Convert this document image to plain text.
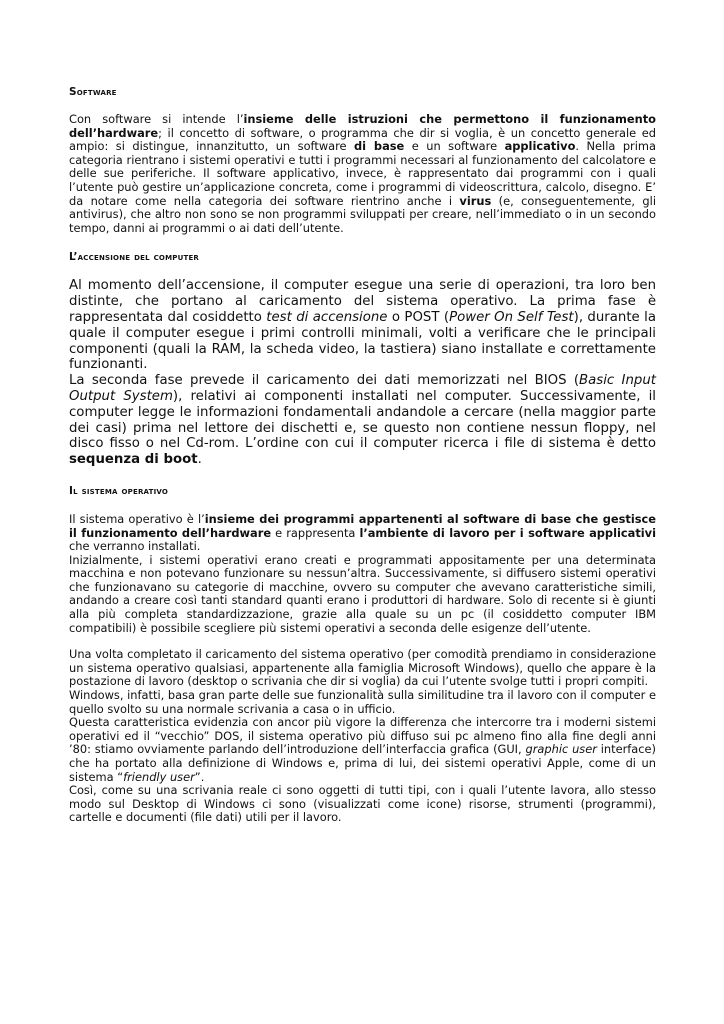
Software

Con software si intende l’insieme delle istruzioni che permettono il funzionamento dell’hardware; il concetto di software, o programma che dir si voglia, è un concetto generale ed ampio: si distingue, innanzitutto, un software di base e un software applicativo. Nella prima categoria rientrano i sistemi operativi e tutti i programmi necessari al funzionamento del calcolatore e delle sue periferiche. Il software applicativo, invece, è rappresentato dai programmi con i quali l’utente può gestire un’applicazione concreta, come i programmi di videoscrittura, calcolo, disegno. E’ da notare come nella categoria dei software rientrino anche i virus (e, conseguentemente, gli antivirus), che altro non sono se non programmi sviluppati per creare, nell’immediato o in un secondo tempo, danni ai programmi o ai dati dell’utente.

L’accensione del computer

Al momento dell’accensione, il computer esegue una serie di operazioni, tra loro ben distinte, che portano al caricamento del sistema operativo. La prima fase è rappresentata dal cosiddetto test di accensione o POST (Power On Self Test), durante la quale il computer esegue i primi controlli minimali, volti a verificare che le principali componenti (quali la RAM, la scheda video, la tastiera) siano installate e correttamente funzionanti.

La seconda fase prevede il caricamento dei dati memorizzati nel BIOS (Basic Input Output System), relativi ai componenti installati nel computer. Successivamente, il computer legge le informazioni fondamentali andandole a cercare (nella maggior parte dei casi) prima nel lettore dei dischetti e, se questo non contiene nessun floppy, nel disco fisso o nel Cd-rom. L’ordine con cui il computer ricerca i file di sistema è detto sequenza di boot.

Il sistema operativo

Il sistema operativo è l’insieme dei programmi appartenenti al software di base che gestisce il funzionamento dell’hardware e rappresenta l’ambiente di lavoro per i software applicativi che verranno installati.

Inizialmente, i sistemi operativi erano creati e programmati appositamente per una determinata macchina e non potevano funzionare su nessun’altra. Successivamente, si diffusero sistemi operativi che funzionavano su categorie di macchine, ovvero su computer che avevano caratteristiche simili, andando a creare così tanti standard quanti erano i produttori di hardware. Solo di recente si è giunti alla più completa standardizzazione, grazie alla quale su un pc (il cosiddetto computer IBM compatibili) è possibile scegliere più sistemi operativi a seconda delle esigenze dell’utente.

Una volta completato il caricamento del sistema operativo (per comodità prendiamo in considerazione un sistema operativo qualsiasi, appartenente alla famiglia Microsoft Windows), quello che appare è la postazione di lavoro (desktop o scrivania che dir si voglia) da cui l’utente svolge tutti i propri compiti.

Windows, infatti, basa gran parte delle sue funzionalità sulla similitudine tra il lavoro con il computer e quello svolto su una normale scrivania a casa o in ufficio.

Questa caratteristica evidenzia con ancor più vigore la differenza che intercorre tra i moderni sistemi operativi ed il “vecchio” DOS, il sistema operativo più diffuso sui pc almeno fino alla fine degli anni ’80: stiamo ovviamente parlando dell’introduzione dell’interfaccia grafica (GUI, graphic user interface) che ha portato alla definizione di Windows e, prima di lui, dei sistemi operativi Apple, come di un sistema “friendly user”.

Così, come su una scrivania reale ci sono oggetti di tutti tipi, con i quali l’utente lavora, allo stesso modo sul Desktop di Windows ci sono (visualizzati come icone) risorse, strumenti (programmi), cartelle e documenti (file dati) utili per il lavoro.
